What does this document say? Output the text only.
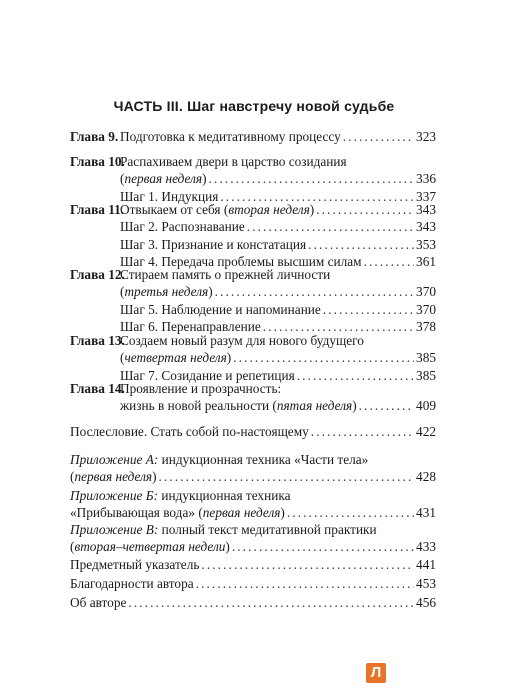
ЧАСТЬ III. Шаг навстречу новой судьбе
Глава 9. Подготовка к медитативному процессу .....	323
Глава 10.
Распахиваем двери в царство созидания
(первая неделя) .....	336
Шаг 1. Индукция .....	337
Глава 11.
Отвыкаем от себя (вторая неделя) .....	343
Шаг 2. Распознавание .....	343
Шаг 3. Признание и констатация .....	353
Шаг 4. Передача проблемы высшим силам .....	361
Глава 12.
Стираем память о прежней личности
(третья неделя) .....	370
Шаг 5. Наблюдение и напоминание .....	370
Шаг 6. Перенаправление .....	378
Глава 13.
Создаем новый разум для нового будущего
(четвертая неделя) .....	385
Шаг 7. Созидание и репетиция .....	385
Глава 14.
Проявление и прозрачность:
жизнь в новой реальности (пятая неделя) .....	409
Послесловие. Стать собой по-настоящему .....	422
Приложение А: индукционная техника «Части тела»
(первая неделя) .....	428
Приложение Б: индукционная техника
«Прибывающая вода» (первая неделя) .....	431
Приложение В: полный текст медитативной практики
(вторая–четвертая недели) .....	433
Предметный указатель .....	441
Благодарности автора .....	453
Об авторе .....	456
Л
